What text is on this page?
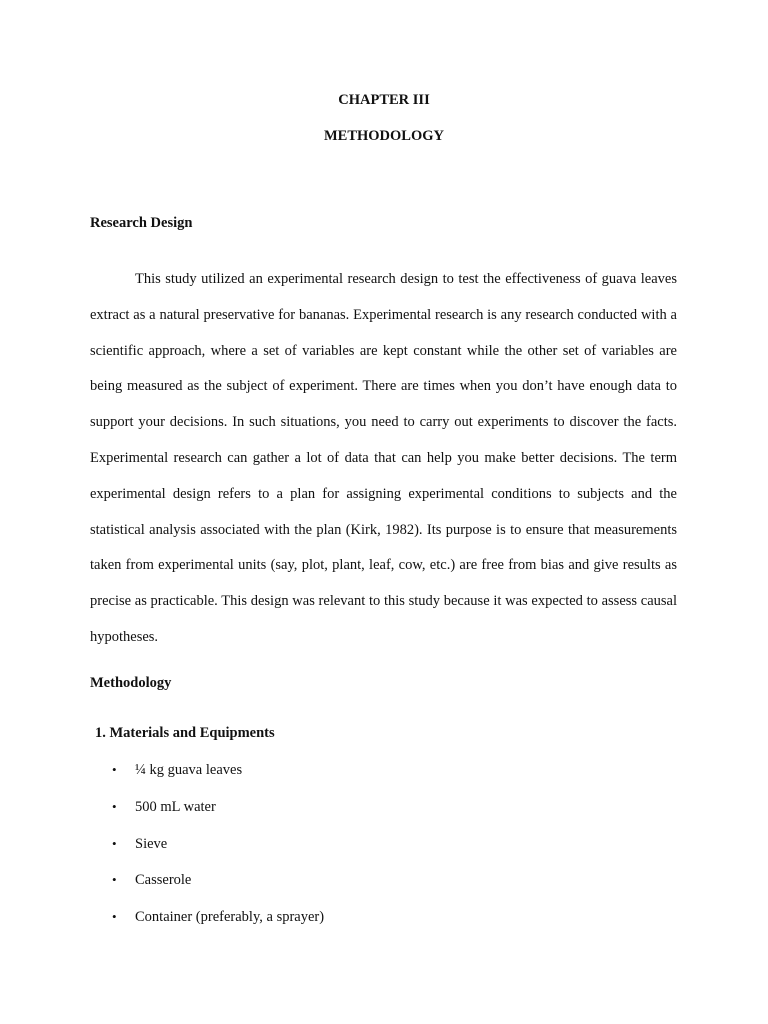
CHAPTER III
METHODOLOGY
Research Design

This study utilized an experimental research design to test the effectiveness of guava leaves extract as a natural preservative for bananas. Experimental research is any research conducted with a scientific approach, where a set of variables are kept constant while the other set of variables are being measured as the subject of experiment. There are times when you don’t have enough data to support your decisions. In such situations, you need to carry out experiments to discover the facts. Experimental research can gather a lot of data that can help you make better decisions. The term experimental design refers to a plan for assigning experimental conditions to subjects and the statistical analysis associated with the plan (Kirk, 1982). Its purpose is to ensure that measurements taken from experimental units (say, plot, plant, leaf, cow, etc.) are free from bias and give results as precise as practicable. This design was relevant to this study because it was expected to assess causal hypotheses.

Methodology
1. Materials and Equipments
• ¼ kg guava leaves
• 500 mL water
• Sieve
• Casserole
• Container (preferably, a sprayer)
